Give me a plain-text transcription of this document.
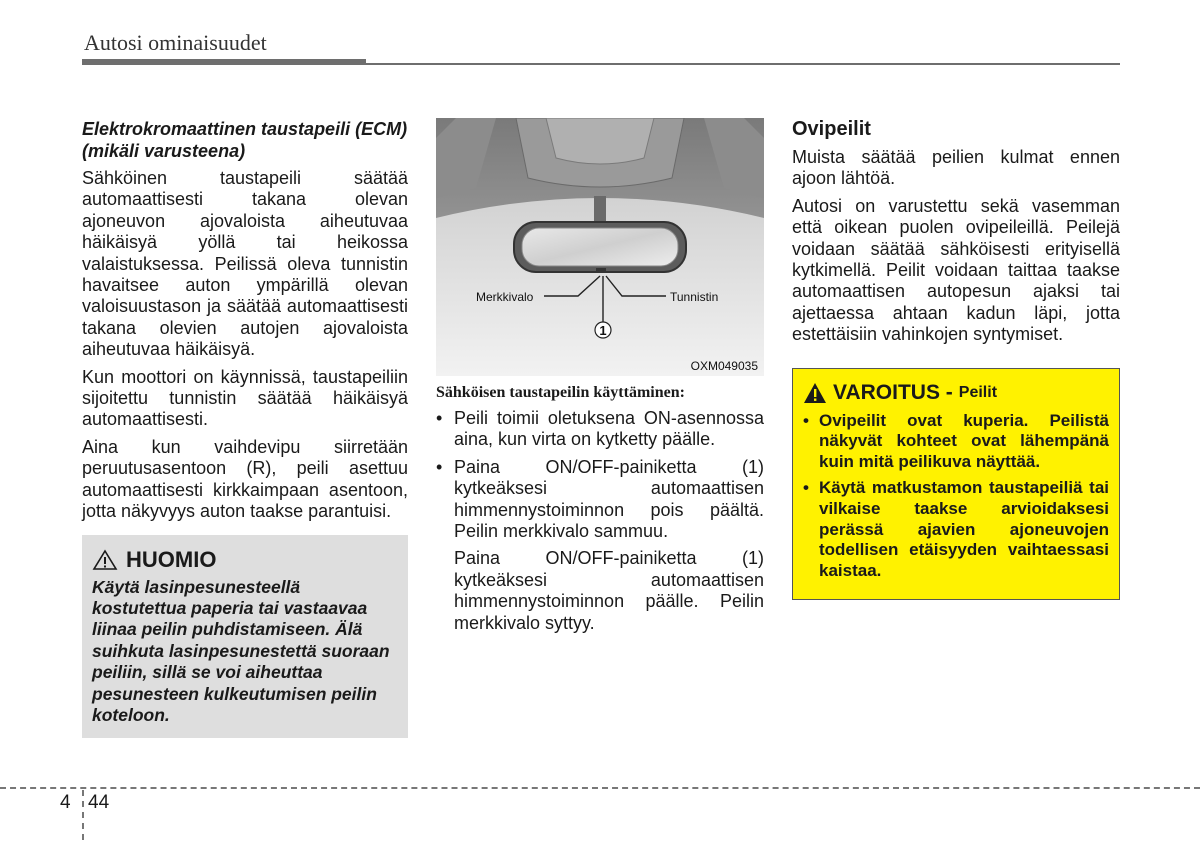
Autosi ominaisuudet

Elektrokromaattinen taustapeili (ECM) (mikäli varusteena)

Sähköinen taustapeili säätää automaattisesti takana olevan ajoneuvon ajovaloista aiheutuvaa häikäisyä yöllä tai heikossa valaistuksessa. Peilissä oleva tunnistin havaitsee auton ympärillä olevan valoisuustason ja säätää automaattisesti takana olevien autojen ajovaloista aiheutuvaa häikäisyä.

Kun moottori on käynnissä, taustapeiliin sijoitettu tunnistin säätää häikäisyä automaattisesti.

Aina kun vaihdevipu siirretään peruutusasentoon (R), peili asettuu automaattisesti kirkkaimpaan asentoon, jotta näkyvyys auton taakse parantuisi.

HUOMIO

Käytä lasinpesunesteellä kostutettua paperia tai vastaavaa liinaa peilin puhdistamiseen. Älä suihkuta lasinpesunestettä suoraan peiliin, sillä se voi aiheuttaa pesunesteen kulkeutumisen peilin koteloon.

1
Merkkivalo	Tunnistin
OXM049035

Sähköisen taustapeilin käyttäminen:

• Peili toimii oletuksena ON-asennossa aina, kun virta on kytketty päälle.
• Paina ON/OFF-painiketta (1) kytkeäksesi automaattisen himmennystoiminnon pois päältä. Peilin merkkivalo sammuu.

Paina ON/OFF-painiketta (1) kytkeäksesi automaattisen himmennystoiminnon päälle. Peilin merkkivalo syttyy.

Ovipeilit

Muista säätää peilien kulmat ennen ajoon lähtöä.

Autosi on varustettu sekä vasemman että oikean puolen ovipeileillä. Peilejä voidaan säätää sähköisesti erityisellä kytkimellä. Peilit voidaan taittaa taakse automaattisen autopesun ajaksi tai ajettaessa ahtaan kadun läpi, jotta estettäisiin vahinkojen syntymiset.

VAROITUS - Peilit
• Ovipeilit ovat kuperia. Peilistä näkyvät kohteet ovat lähempänä kuin mitä peilikuva näyttää.
• Käytä matkustamon taustapeiliä tai vilkaise taakse arvioidaksesi perässä ajavien ajoneuvojen todellisen etäisyyden vaihtaessasi kaistaa.
4 44
